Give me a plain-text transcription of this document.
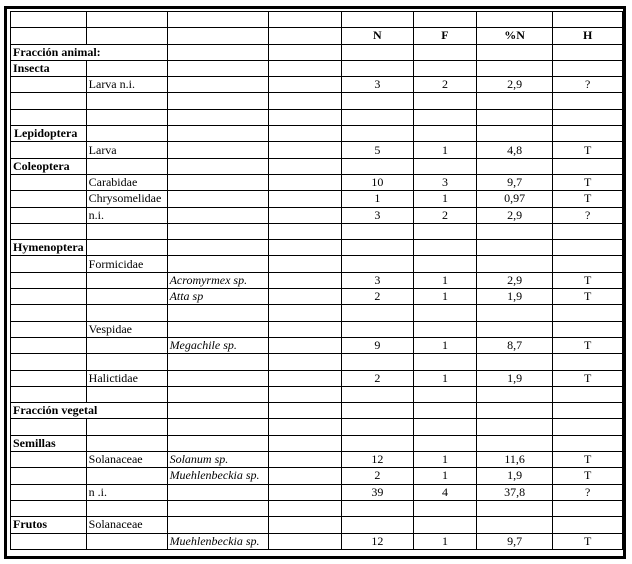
				N	F	%N	H
Fracción animal:							
Insecta							
	Larva n.i.			3	2	2,9	?

Lepidoptera							
	Larva			5	1	4,8	T
Coleoptera							
	Carabidae			10	3	9,7	T
	Chrysomelidae			1	1	0,97	T
	n.i.			3	2	2,9	?

Hymenoptera							
	Formicidae						
		Acromyrmex sp.		3	1	2,9	T
		Atta sp		2	1	1,9	T

	Vespidae						
		Megachile sp.		9	1	8,7	T

	Halictidae			2	1	1,9	T

Fracción vegetal							

Semillas							
	Solanaceae	Solanum sp.		12	1	11,6	T
		Muehlenbeckia sp.		2	1	1,9	T
	n .i.			39	4	37,8	?

Frutos	Solanaceae						
		Muehlenbeckia sp.		12	1	9,7	T
